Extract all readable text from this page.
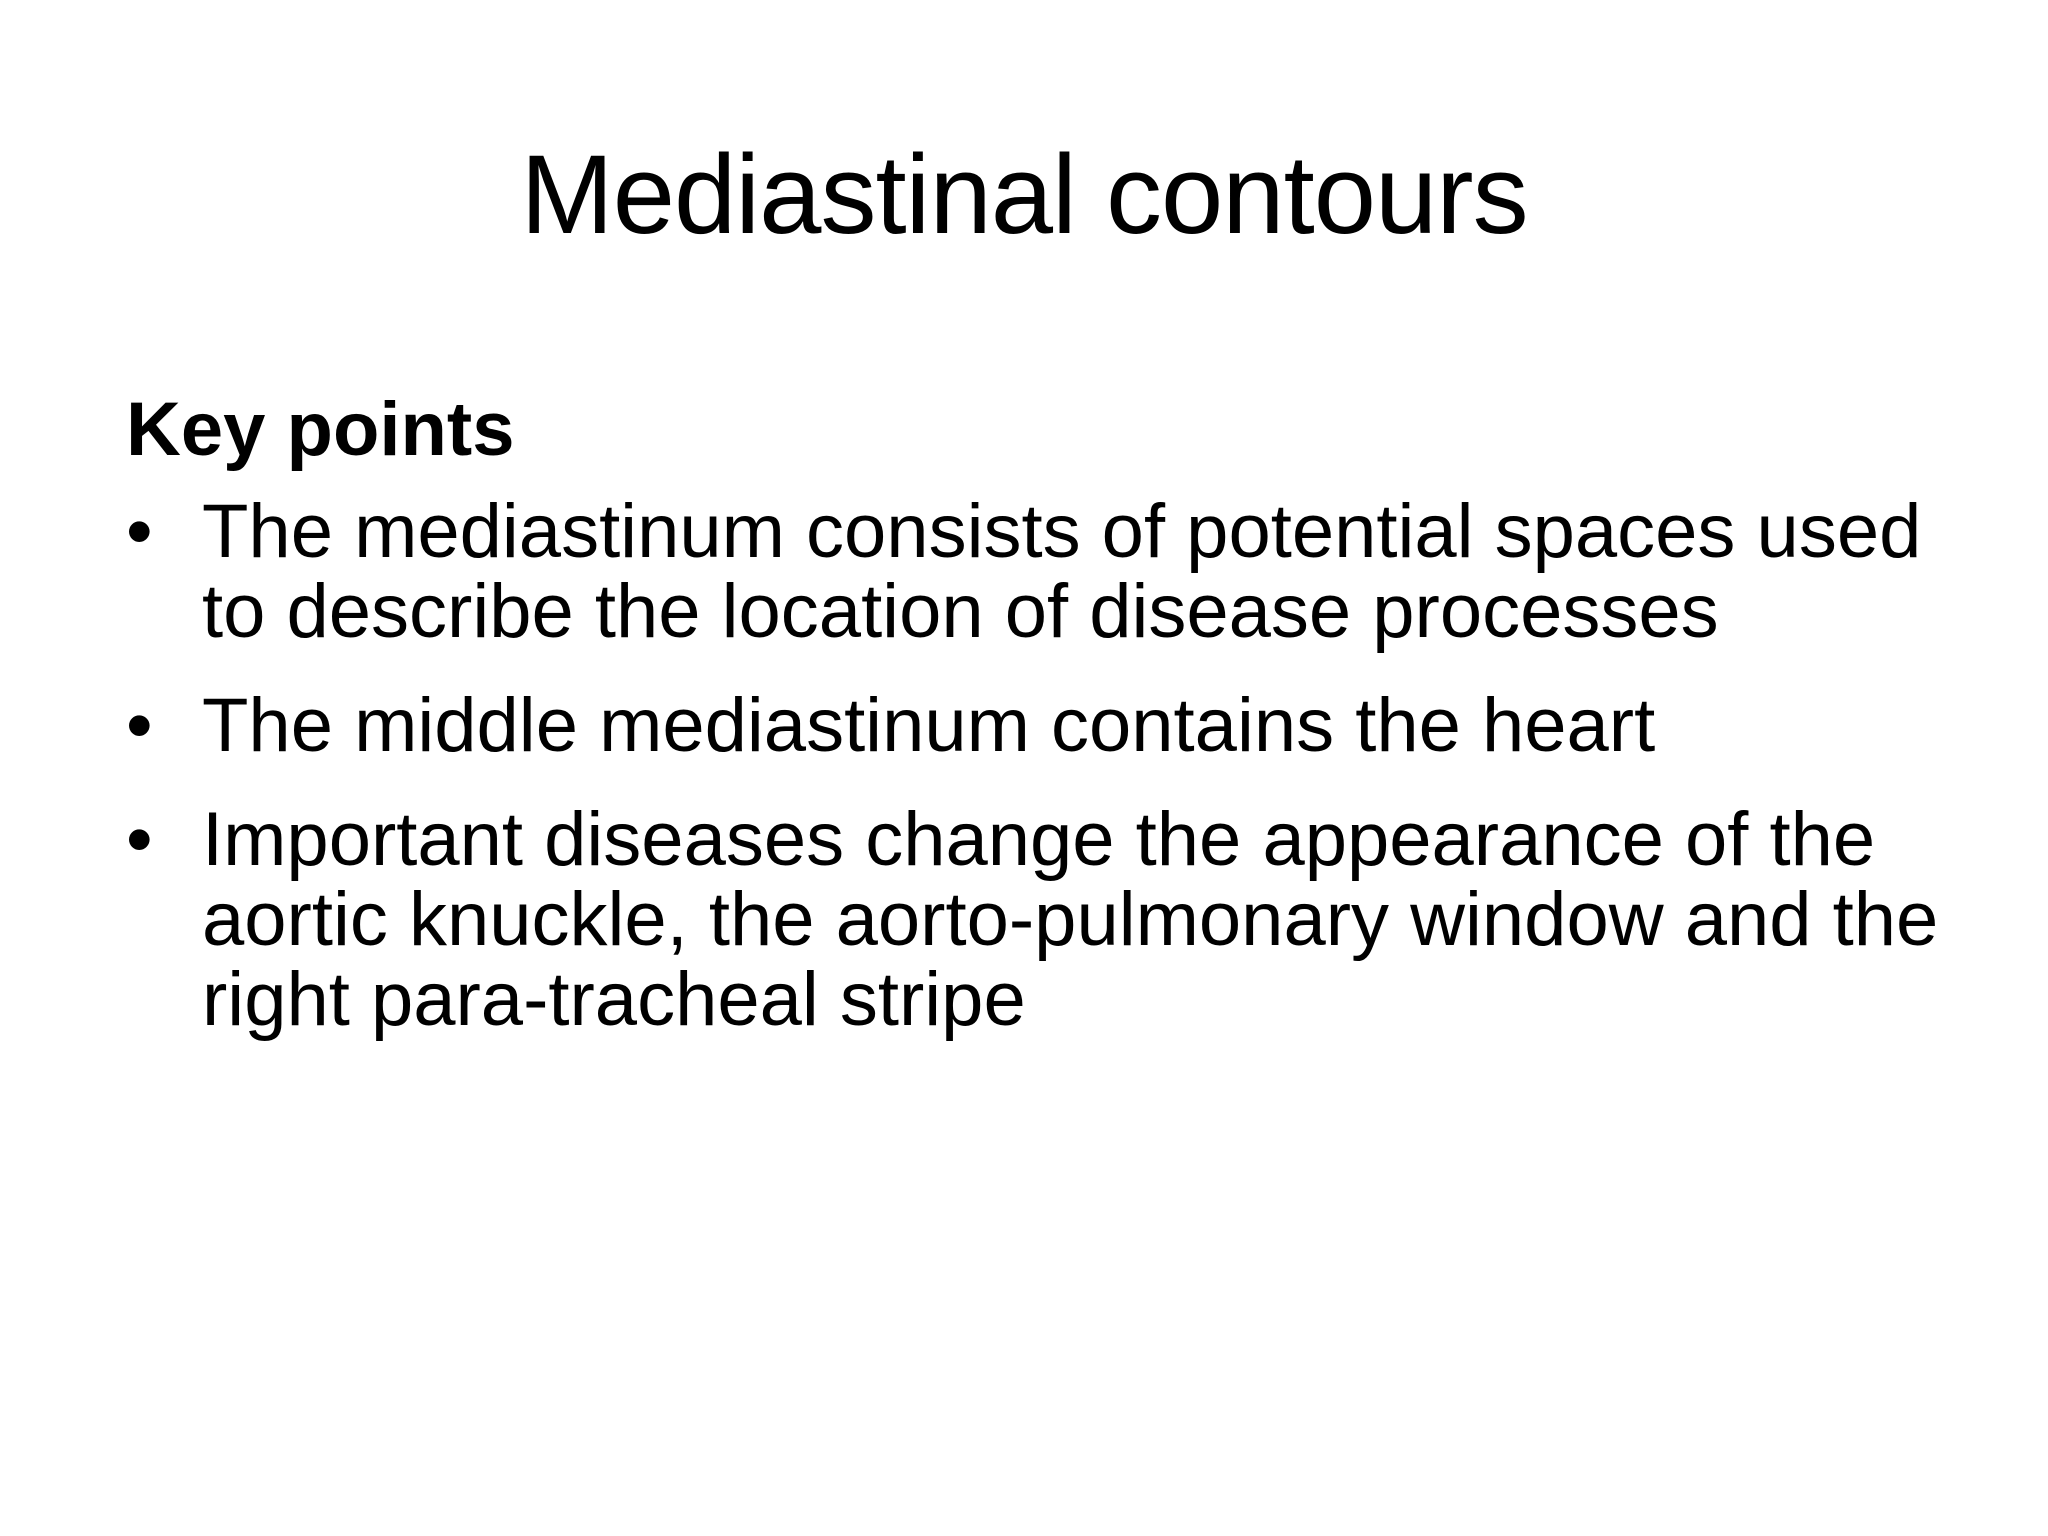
Mediastinal contours

Key points

• The mediastinum consists of potential spaces used to describe the location of disease processes
• The middle mediastinum contains the heart
• Important diseases change the appearance of the aortic knuckle, the aorto-pulmonary window and the right para-tracheal stripe
